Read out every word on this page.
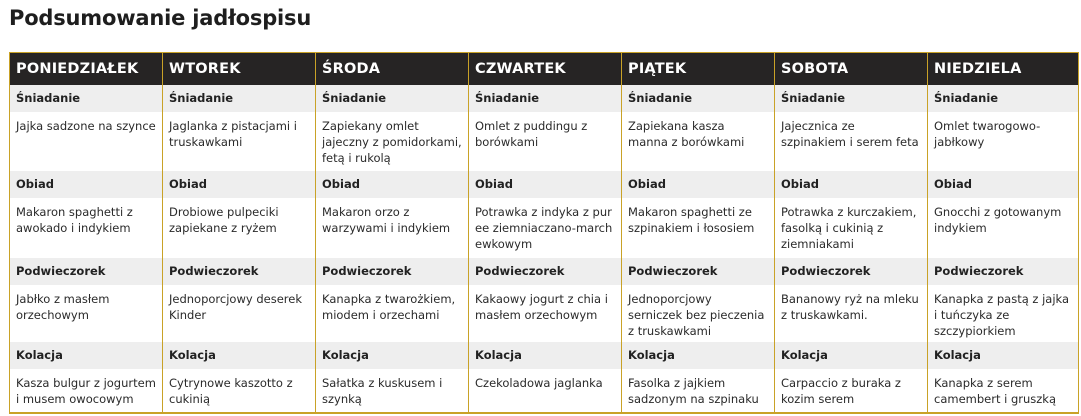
Podsumowanie jadłospisu
PONIEDZIAŁEK	WTOREK	ŚRODA	CZWARTEK	PIĄTEK	SOBOTA	NIEDZIELA
Śniadanie	Śniadanie	Śniadanie	Śniadanie	Śniadanie	Śniadanie	Śniadanie
Jajka sadzone na szynce	Jaglanka z pistacjami i truskawkami	Zapiekany omlet jajeczny z pomidorkami, fetą i rukolą	Omlet z puddingu z borówkami	Zapiekana kasza manna z borówkami	Jajecznica ze szpinakiem i serem feta	Omlet twarogowo-jabłkowy
Obiad	Obiad	Obiad	Obiad	Obiad	Obiad	Obiad
Makaron spaghetti z awokado i indykiem	Drobiowe pulpeciki zapiekane z ryżem	Makaron orzo z warzywami i indykiem	Potrawka z indyka z puree ziemniaczano-marchewkowym	Makaron spaghetti ze szpinakiem i łososiem	Potrawka z kurczakiem, fasolką i cukinią z ziemniakami	Gnocchi z gotowanym indykiem
Podwieczorek	Podwieczorek	Podwieczorek	Podwieczorek	Podwieczorek	Podwieczorek	Podwieczorek
Jabłko z masłem orzechowym	Jednoporcjowy deserek Kinder	Kanapka z twarożkiem, miodem i orzechami	Kakaowy jogurt z chia i masłem orzechowym	Jednoporcjowy serniczek bez pieczenia z truskawkami	Bananowy ryż na mleku z truskawkami.	Kanapka z pastą z jajka i tuńczyka ze szczypiorkiem
Kolacja	Kolacja	Kolacja	Kolacja	Kolacja	Kolacja	Kolacja
Kasza bulgur z jogurtem i musem owocowym	Cytrynowe kaszotto z cukinią	Sałatka z kuskusem i szynką	Czekoladowa jaglanka	Fasolka z jajkiem sadzonym na szpinaku	Carpaccio z buraka z kozim serem	Kanapka z serem camembert i gruszką
